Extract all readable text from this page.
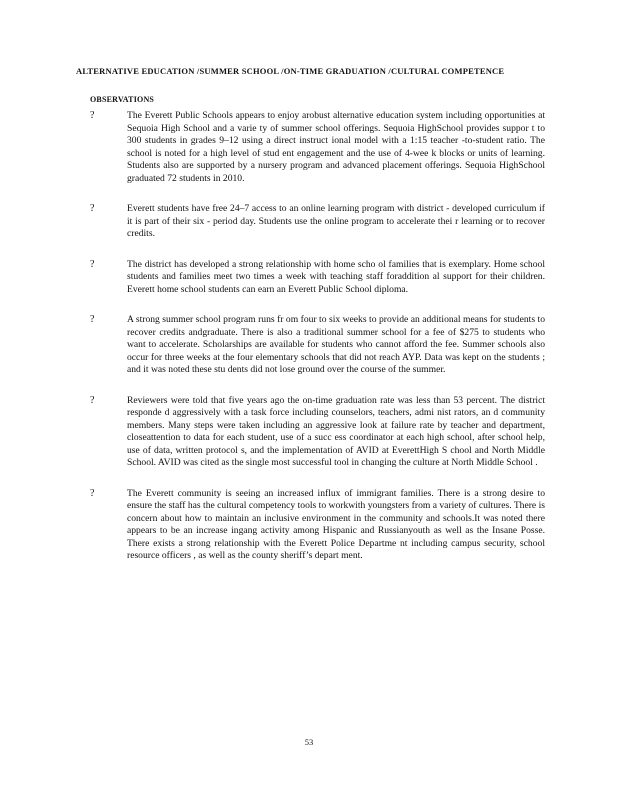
ALTERNATIVE EDUCATION /SUMMER SCHOOL /ON-TIME GRADUATION /CULTURAL COMPETENCE
OBSERVATIONS
?	The Everett Public Schools appears to enjoy arobust alternative education system including opportunities at Sequoia High School and a varie ty of summer school offerings. Sequoia HighSchool provides suppor t to 300 students in grades 9–12 using a direct instruct ional model with a 1:15 teacher -to-student ratio. The school is noted for a high level of stud ent engagement and the use of 4-wee k blocks or units of learning. Students also are supported by a nursery program and advanced placement offerings. Sequoia HighSchool graduated 72 students in 2010.
?	Everett students have free 24–7 access to an online learning program with district - developed curriculum if it is part of their six - period day. Students use the online program to accelerate thei r learning or to recover credits.
?	The district has developed a strong relationship with home scho ol families that is exemplary. Home school students and families meet two times a week with teaching staff foraddition al support for their children. Everett home school students can earn an Everett Public School diploma.
?	A strong summer school program runs fr om four to six weeks to provide an additional means for students to recover credits andgraduate. There is also a traditional summer school for a fee of $275 to students who want to accelerate. Scholarships are available for students who cannot afford the fee. Summer schools also occur for three weeks at the four elementary schools that did not reach AYP. Data was kept on the students ; and it was noted these stu dents did not lose ground over the course of the summer.
?	Reviewers were told that five years ago the on-time graduation rate was less than 53 percent. The district responde d aggressively with a task force including counselors, teachers, admi nist rators, an d community members. Many steps were taken including an aggressive look at failure rate by teacher and department, closeattention to data for each student, use of a succ ess coordinator at each high school, after school help, use of data, written protocol s, and the implementation of AVID at EverettHigh S chool and North Middle School. AVID was cited as the single most successful tool in changing the culture at North Middle School .
?	The Everett community is seeing an increased influx of immigrant families. There is a strong desire to ensure the staff has the cultural competency tools to workwith youngsters from a variety of cultures. There is concern about how to maintain an inclusive environment in the community and schools.It was noted there appears to be an increase ingang activity among Hispanic and Russianyouth as well as the Insane Posse. There exists a strong relationship with the Everett Police Departme nt including campus security, school resource officers , as well as the county sheriff’s depart ment.
53
